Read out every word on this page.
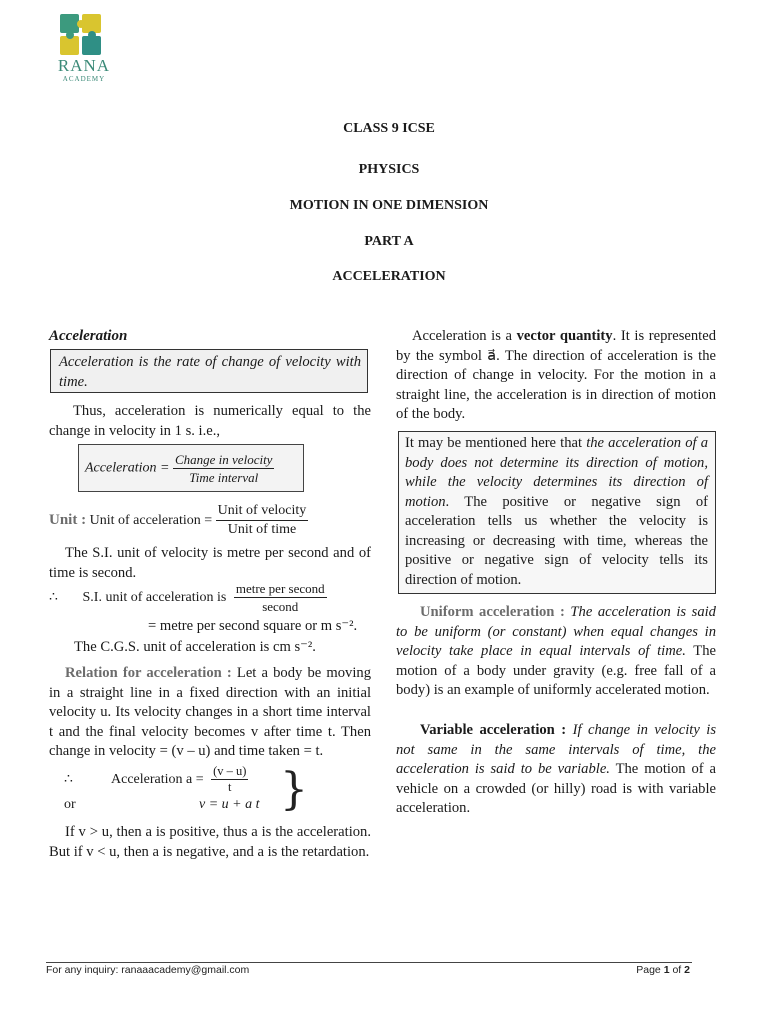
RANA
ACADEMY
CLASS 9 ICSE
PHYSICS
MOTION IN ONE DIMENSION
PART A
ACCELERATION
Acceleration
Acceleration is the rate of change of velocity with time.
Thus, acceleration is numerically equal to the change in velocity in 1 s. i.e.,
Acceleration = $\frac{\text{Change in velocity}}{\text{Time interval}}$
Unit : Unit of acceleration = $\frac{\text{Unit of velocity}}{\text{Unit of time}}$
The S.I. unit of velocity is metre per second and of time is second.
∴ S.I. unit of acceleration is $\frac{\text{metre per second}}{\text{second}}$
= metre per second square or m s⁻².
The C.G.S. unit of acceleration is cm s⁻².
Relation for acceleration : Let a body be moving in a straight line in a fixed direction with an initial velocity u. Its velocity changes in a short time interval t and the final velocity becomes v after time t. Then change in velocity = (v – u) and time taken = t.
∴	Acceleration $a = \frac{(v - u)}{t}$
or	v = u + a t }
If v > u, then a is positive, thus a is the acceleration. But if v < u, then a is negative, and a is the retardation.
Acceleration is a vector quantity. It is represented by the symbol a⃗. The direction of acceleration is the direction of change in velocity. For the motion in a straight line, the acceleration is in direction of motion of the body.
It may be mentioned here that the acceleration of a body does not determine its direction of motion, while the velocity determines its direction of motion. The positive or negative sign of acceleration tells us whether the velocity is increasing or decreasing with time, whereas the positive or negative sign of velocity tells its direction of motion.
Uniform acceleration : The acceleration is said to be uniform (or constant) when equal changes in velocity take place in equal intervals of time. The motion of a body under gravity (e.g. free fall of a body) is an example of uniformly accelerated motion.
Variable acceleration : If change in velocity is not same in the same intervals of time, the acceleration is said to be variable. The motion of a vehicle on a crowded (or hilly) road is with variable acceleration.
For any inquiry: ranaaacademy@gmail.com	Page 1 of 2
